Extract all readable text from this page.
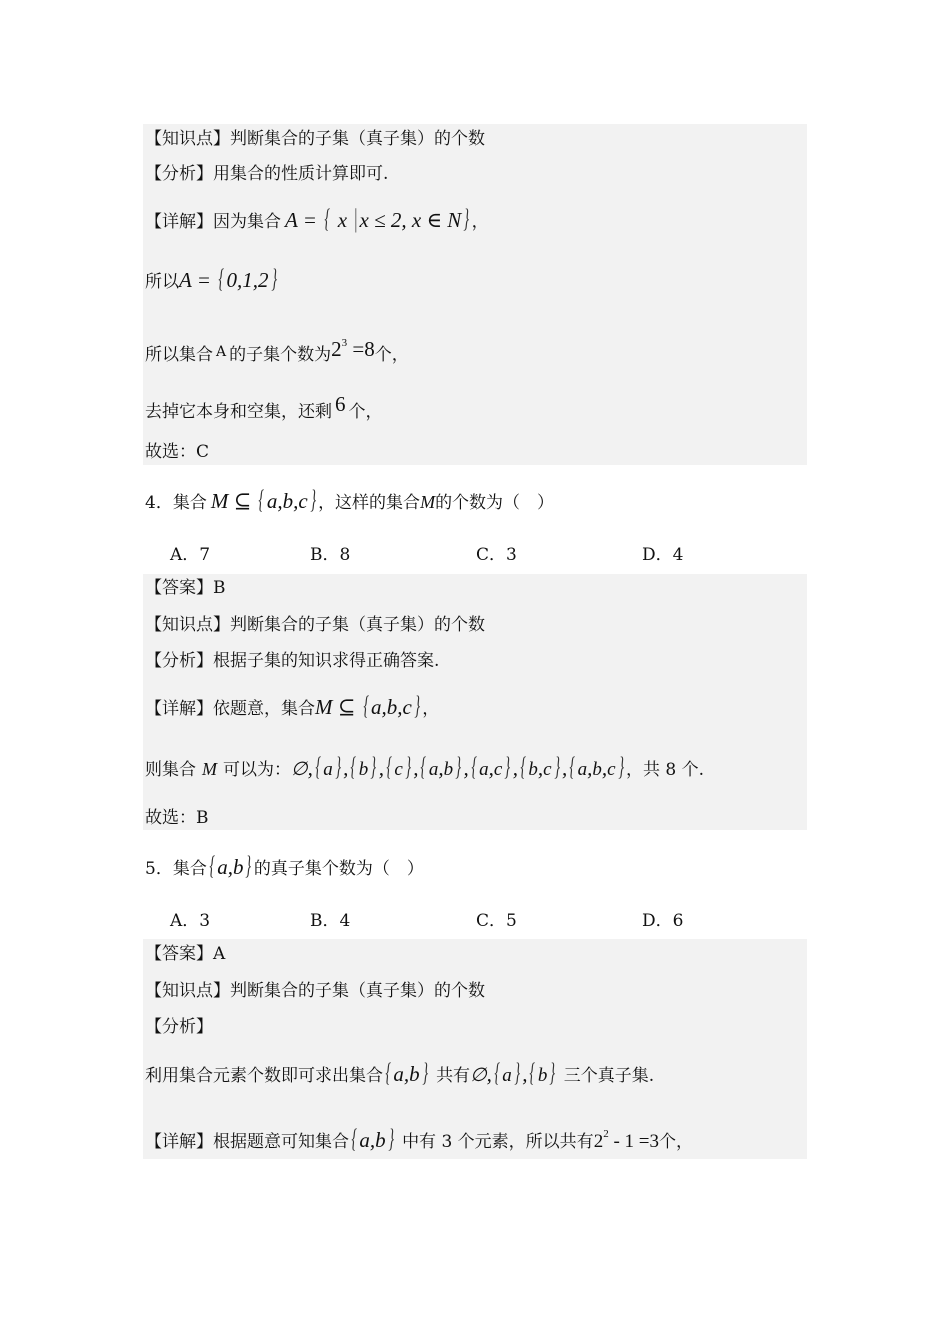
【知识点】判断集合的子集（真子集）的个数
【分析】用集合的性质计算即可.
【详解】因为集合 A = { x |x ≤ 2, x ∈ N} ，
所以A = { 0,1,2}
所以集合 $^A$ 的子集个数为$2^3 =8$个，
去掉它本身和空集，还剩 6 个，
故选：C
4．集合 M ⊆ { a,b,c} ，这样的集合M的个数为（　）
A．7	B．8	C．3	D．4
【答案】B
【知识点】判断集合的子集（真子集）的个数
【分析】根据子集的知识求得正确答案.
【详解】依题意，集合M ⊆ { a,b,c} ，
则集合 M 可以为：∅,{ a} ,{ b} ,{ c} ,{ a,b} ,{ a,c} ,{ b,c} ,{ a,b,c} ，共 8 个.
故选：B
5．集合{ a,b} 的真子集个数为（　）
A．3	B．4	C．5	D．6
【答案】A
【知识点】判断集合的子集（真子集）的个数
【分析】
利用集合元素个数即可求出集合{ a,b} 共有∅,{ a} ,{ b} 三个真子集.
【详解】根据题意可知集合{ a,b} 中有 3 个元素，所以共有$2^2 - 1 =3$个，
